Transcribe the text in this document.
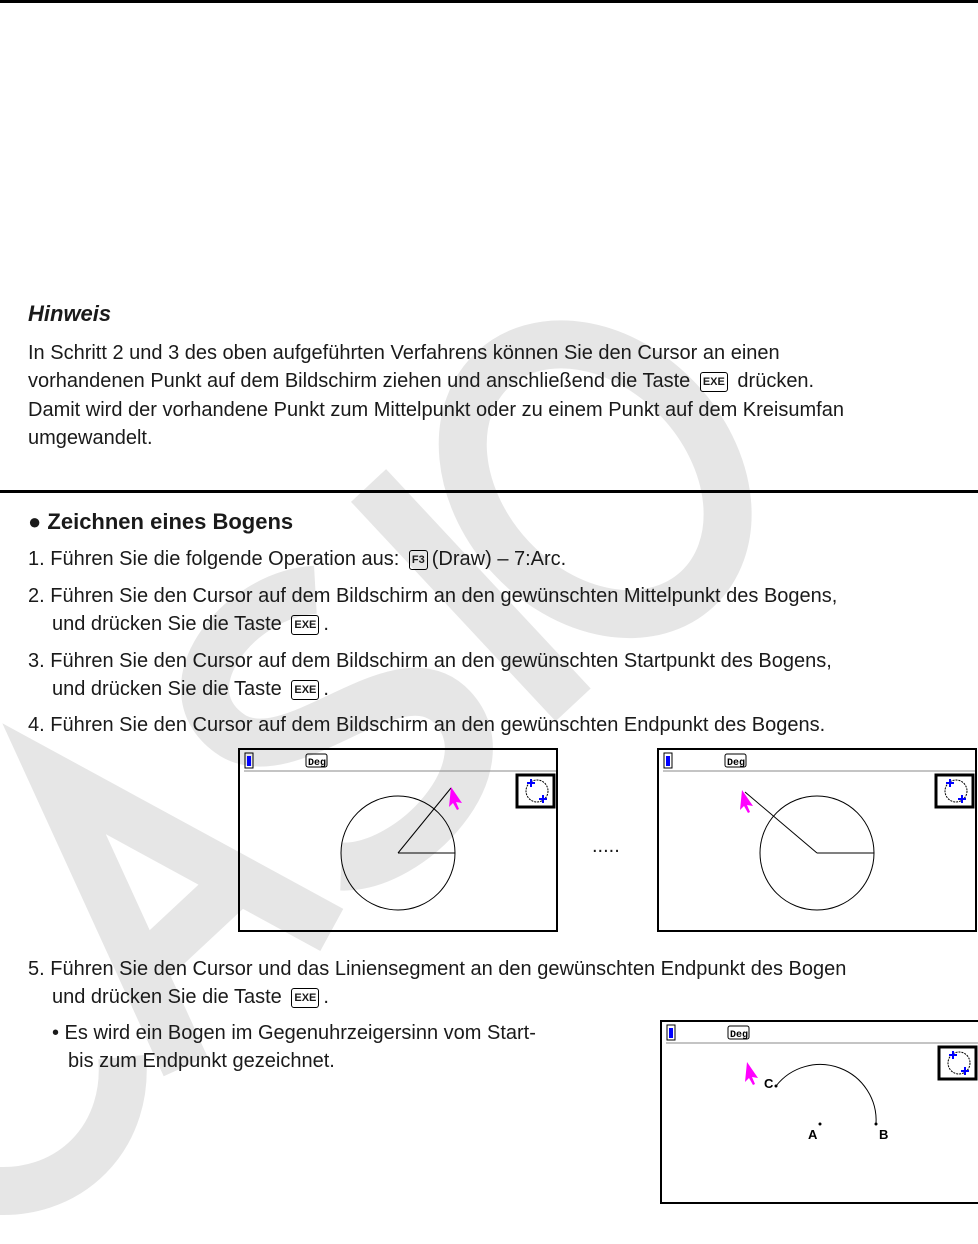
Hinweis
In Schritt 2 und 3 des oben aufgeführten Verfahrens können Sie den Cursor an einen
vorhandenen Punkt auf dem Bildschirm ziehen und anschließend die Taste EXE drücken.
Damit wird der vorhandene Punkt zum Mittelpunkt oder zu einem Punkt auf dem Kreisumfan
umgewandelt.
● Zeichnen eines Bogens
1. Führen Sie die folgende Operation aus: F3 (Draw) – 7:Arc.
2. Führen Sie den Cursor auf dem Bildschirm an den gewünschten Mittelpunkt des Bogens,
und drücken Sie die Taste EXE .
3. Führen Sie den Cursor auf dem Bildschirm an den gewünschten Startpunkt des Bogens,
und drücken Sie die Taste EXE .
4. Führen Sie den Cursor auf dem Bildschirm an den gewünschten Endpunkt des Bogens.
Deg
.....
Deg
5. Führen Sie den Cursor und das Liniensegment an den gewünschten Endpunkt des Bogen
und drücken Sie die Taste EXE .
• Es wird ein Bogen im Gegenuhrzeigersinn vom Start-
bis zum Endpunkt gezeichnet.
Deg
A	B
C
